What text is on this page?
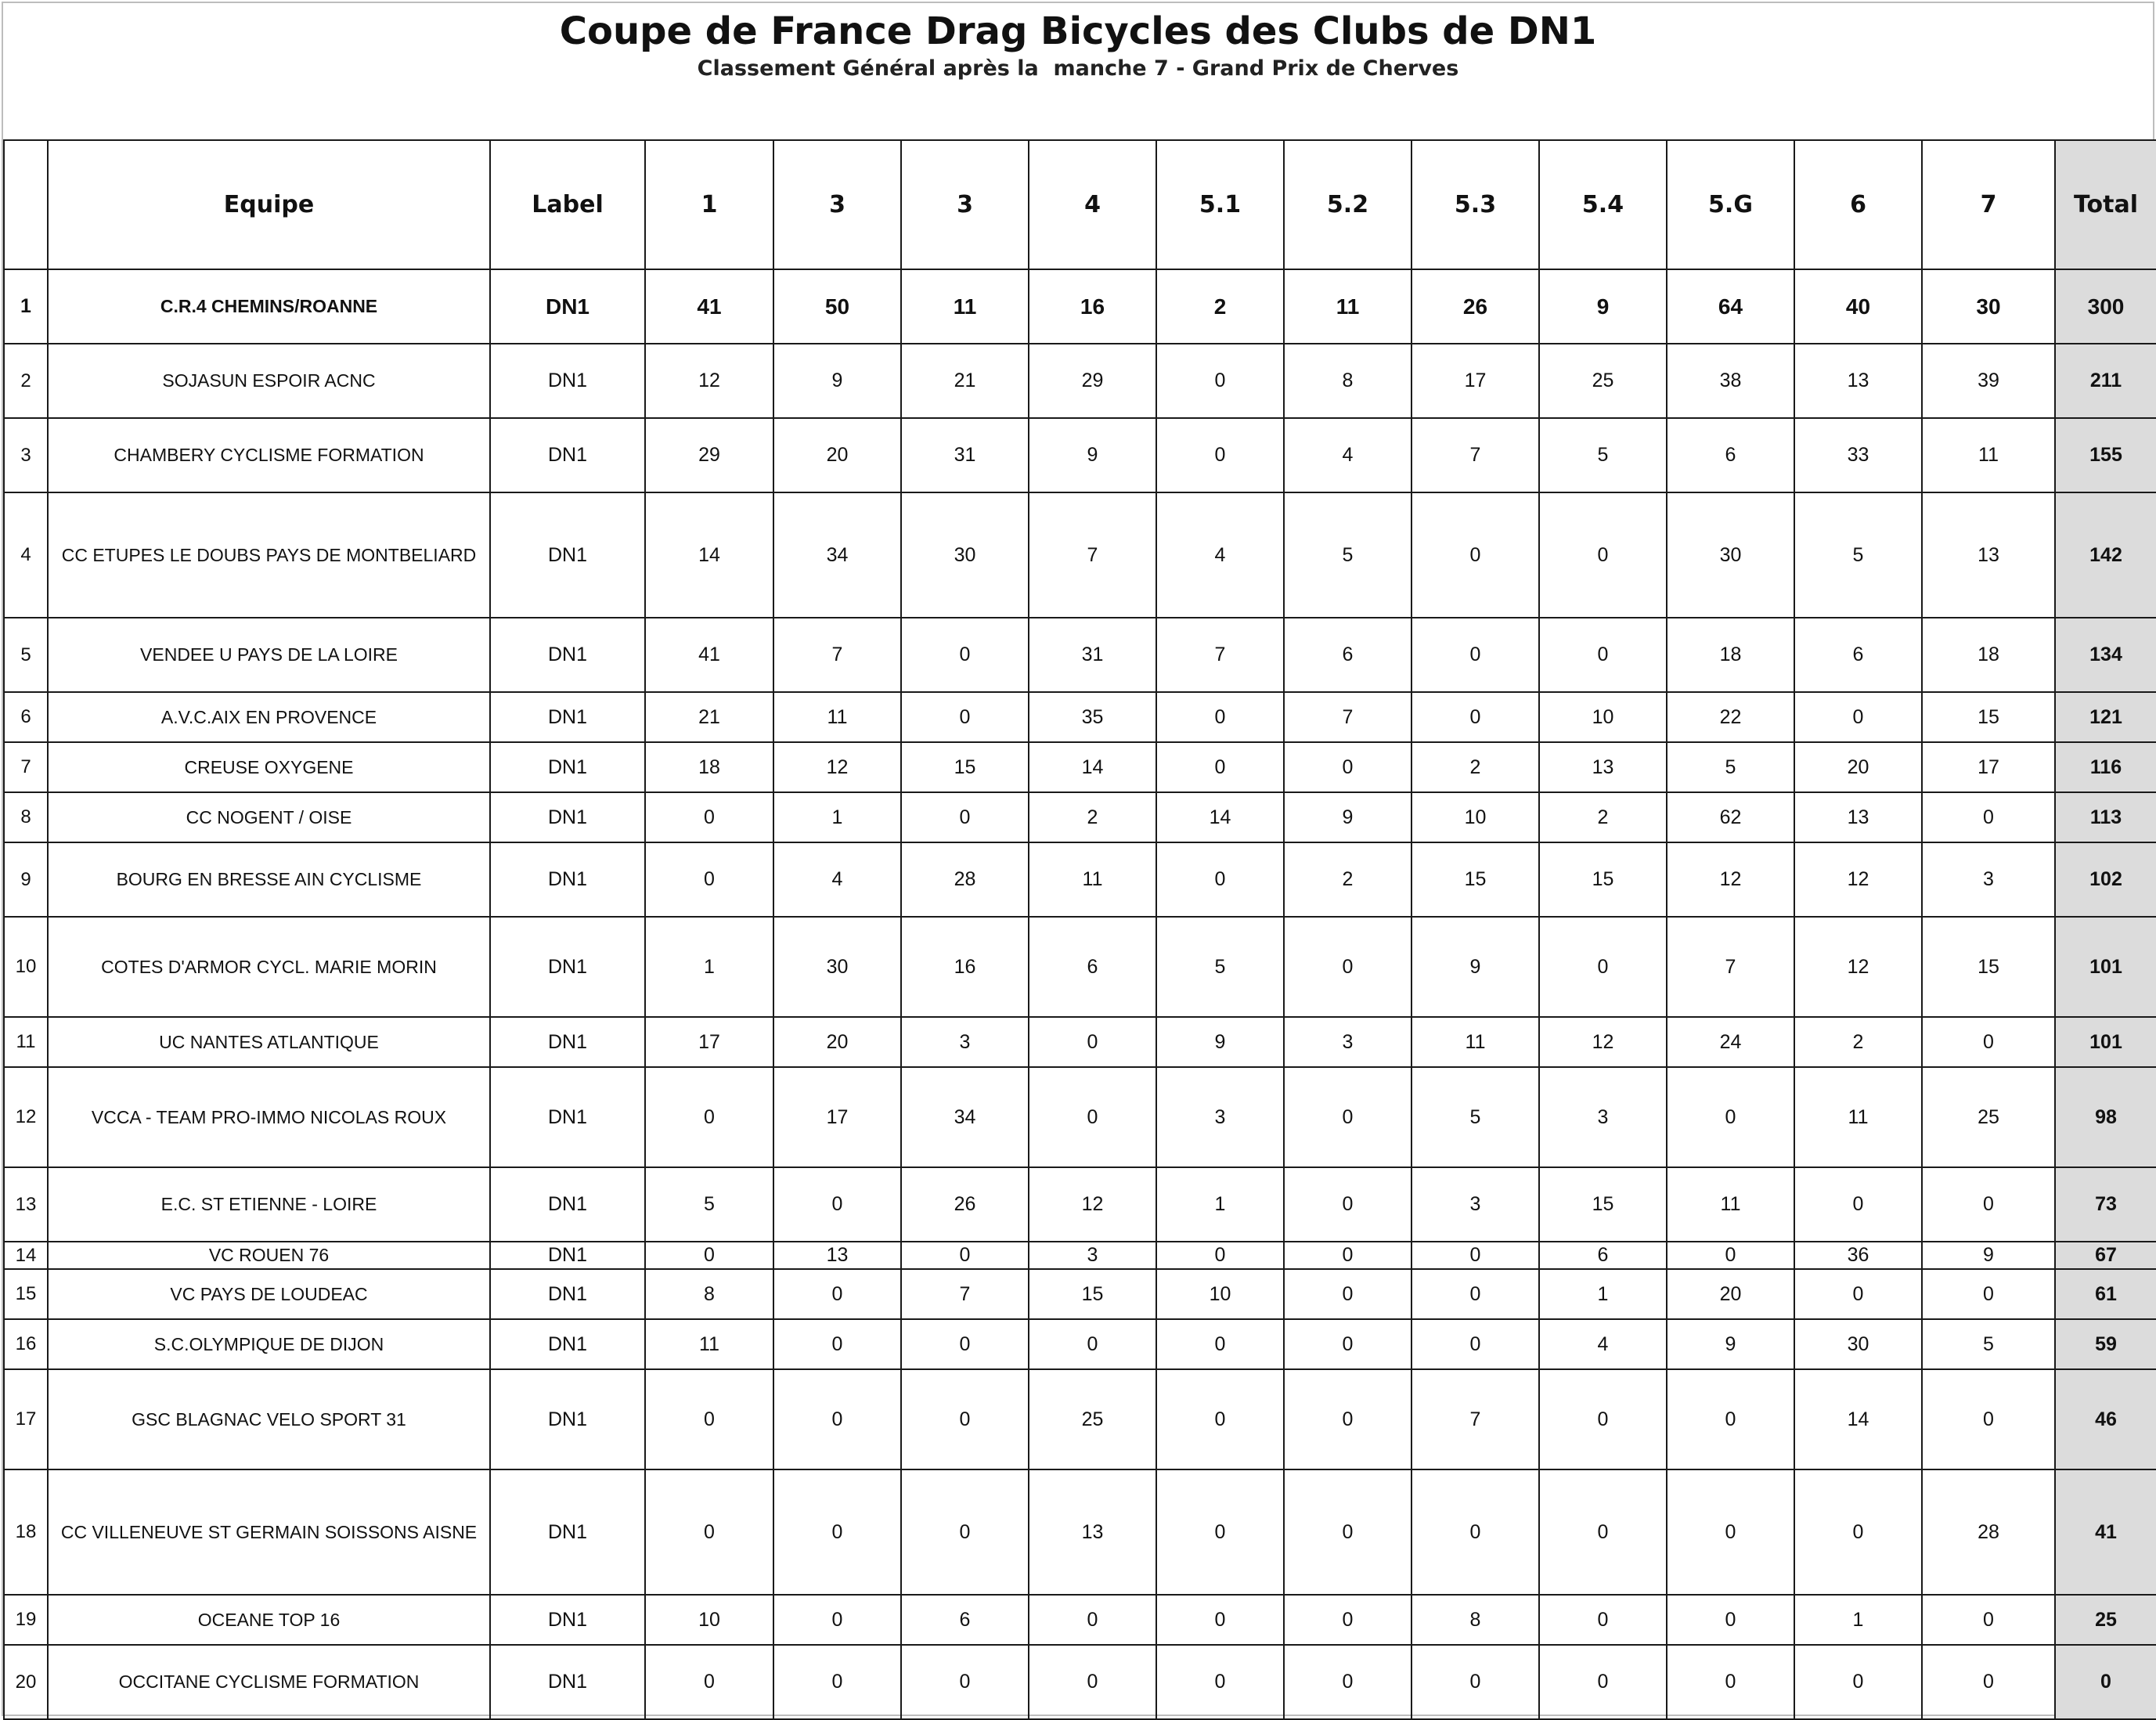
Coupe de France Drag Bicycles des Clubs de DN1

Classement Général après la  manche 7 - Grand Prix de Cherves

	Equipe	Label	1	3	3	4	5.1	5.2	5.3	5.4	5.G	6	7	Total
1	C.R.4 CHEMINS/ROANNE	DN1	41	50	11	16	2	11	26	9	64	40	30	300
2	SOJASUN ESPOIR ACNC	DN1	12	9	21	29	0	8	17	25	38	13	39	211
3	CHAMBERY CYCLISME FORMATION	DN1	29	20	31	9	0	4	7	5	6	33	11	155
4	CC ETUPES LE DOUBS PAYS DE MONTBELIARD	DN1	14	34	30	7	4	5	0	0	30	5	13	142
5	VENDEE U PAYS DE LA LOIRE	DN1	41	7	0	31	7	6	0	0	18	6	18	134
6	A.V.C.AIX EN PROVENCE	DN1	21	11	0	35	0	7	0	10	22	0	15	121
7	CREUSE OXYGENE	DN1	18	12	15	14	0	0	2	13	5	20	17	116
8	CC NOGENT / OISE	DN1	0	1	0	2	14	9	10	2	62	13	0	113
9	BOURG EN BRESSE AIN CYCLISME	DN1	0	4	28	11	0	2	15	15	12	12	3	102
10	COTES D'ARMOR CYCL. MARIE MORIN	DN1	1	30	16	6	5	0	9	0	7	12	15	101
11	UC NANTES ATLANTIQUE	DN1	17	20	3	0	9	3	11	12	24	2	0	101
12	VCCA - TEAM PRO-IMMO NICOLAS ROUX	DN1	0	17	34	0	3	0	5	3	0	11	25	98
13	E.C. ST ETIENNE - LOIRE	DN1	5	0	26	12	1	0	3	15	11	0	0	73
14	VC ROUEN 76	DN1	0	13	0	3	0	0	0	6	0	36	9	67
15	VC PAYS DE LOUDEAC	DN1	8	0	7	15	10	0	0	1	20	0	0	61
16	S.C.OLYMPIQUE DE DIJON	DN1	11	0	0	0	0	0	0	4	9	30	5	59
17	GSC BLAGNAC VELO SPORT 31	DN1	0	0	0	25	0	0	7	0	0	14	0	46
18	CC VILLENEUVE ST GERMAIN SOISSONS AISNE	DN1	0	0	0	13	0	0	0	0	0	0	28	41
19	OCEANE TOP 16	DN1	10	0	6	0	0	0	8	0	0	1	0	25
20	OCCITANE CYCLISME FORMATION	DN1	0	0	0	0	0	0	0	0	0	0	0	0
